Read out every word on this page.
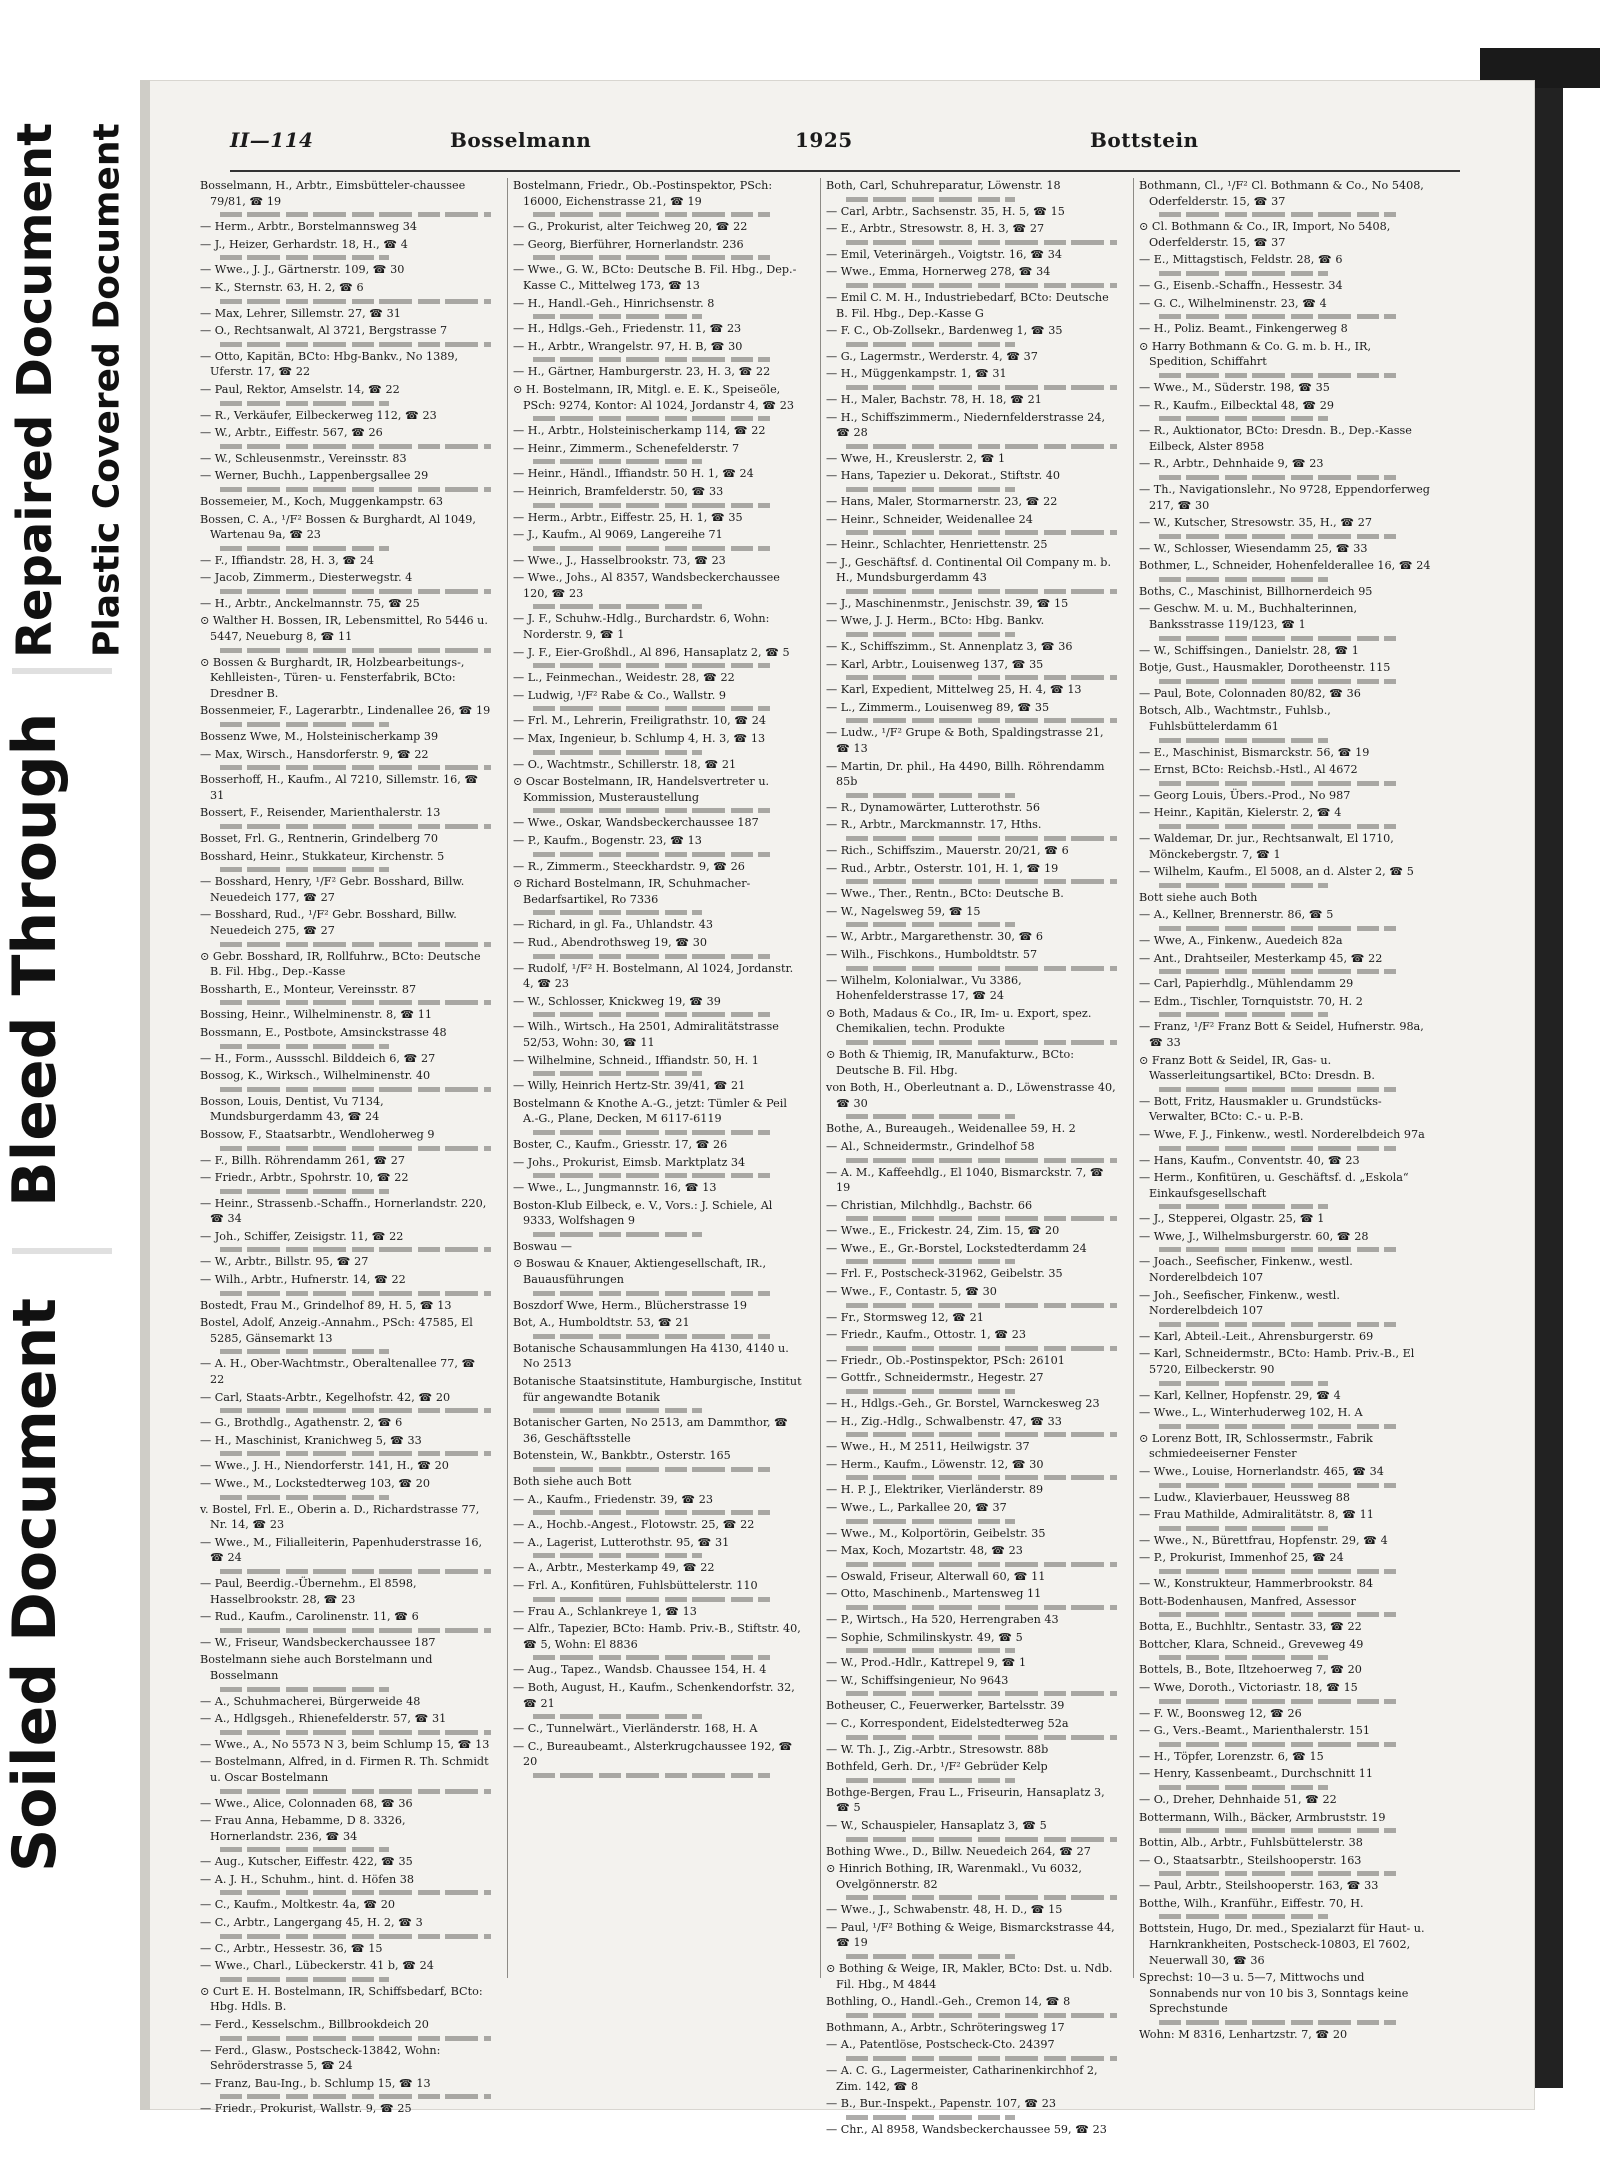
Repaired Document Plastic Covered Document
Bleed Through
Soiled Document
II—114	Bosselmann	1925	Bottstein
Bosselmann, H., Arbtr., Eimsbütteler-chaussee 79/81, ☎ 19
— Herm., Arbtr., Borstelmannsweg 34
— J., Heizer, Gerhardstr. 18, H., ☎ 4
— Wwe., J. J., Gärtnerstr. 109, ☎ 30
— K., Sternstr. 63, H. 2, ☎ 6
— Max, Lehrer, Sillemstr. 27, ☎ 31
— O., Rechtsanwalt, Al 3721, Bergstrasse 7
— Otto, Kapitän, BCto: Hbg-Bankv., No 1389, Uferstr. 17, ☎ 22
— Paul, Rektor, Amselstr. 14, ☎ 22
— R., Verkäufer, Eilbeckerweg 112, ☎ 23
— W., Arbtr., Eiffestr. 567, ☎ 26
— W., Schleusenmstr., Vereinsstr. 83
— Werner, Buchh., Lappenbergsallee 29
Bossemeier, M., Koch, Muggenkampstr. 63
Bossen, C. A., ¹/F² Bossen & Burghardt, Al 1049, Wartenau 9a, ☎ 23
— F., Iffiandstr. 28, H. 3, ☎ 24
— Jacob, Zimmerm., Diesterwegstr. 4
— H., Arbtr., Anckelmannstr. 75, ☎ 25
⊙ Walther H. Bossen, IR, Lebensmittel, Ro 5446 u. 5447, Neueburg 8, ☎ 11
⊙ Bossen & Burghardt, IR, Holzbearbeitungs-, Kehlleisten-, Türen- u. Fensterfabrik, BCto: Dresdner B.
Bossenmeier, F., Lagerarbtr., Lindenallee 26, ☎ 19
Bossenz Wwe, M., Holsteinischerkamp 39
— Max, Wirsch., Hansdorferstr. 9, ☎ 22
Bosserhoff, H., Kaufm., Al 7210, Sillemstr. 16, ☎ 31
Bossert, F., Reisender, Marienthalerstr. 13
Bosset, Frl. G., Rentnerin, Grindelberg 70
Bosshard, Heinr., Stukkateur, Kirchenstr. 5
— Bosshard, Henry, ¹/F² Gebr. Bosshard, Billw. Neuedeich 177, ☎ 27
— Bosshard, Rud., ¹/F² Gebr. Bosshard, Billw. Neuedeich 275, ☎ 27
⊙ Gebr. Bosshard, IR, Rollfuhrw., BCto: Deutsche B. Fil. Hbg., Dep.-Kasse
Bossharth, E., Monteur, Vereinsstr. 87
Bossing, Heinr., Wilhelminenstr. 8, ☎ 11
Bossmann, E., Postbote, Amsinckstrasse 48
— H., Form., Aussschl. Bilddeich 6, ☎ 27
Bossog, K., Wirksch., Wilhelminenstr. 40
Bosson, Louis, Dentist, Vu 7134, Mundsburgerdamm 43, ☎ 24
Bossow, F., Staatsarbtr., Wendloherweg 9
— F., Billh. Röhrendamm 261, ☎ 27
— Friedr., Arbtr., Spohrstr. 10, ☎ 22
— Heinr., Strassenb.-Schaffn., Hornerlandstr. 220, ☎ 34
— Joh., Schiffer, Zeisigstr. 11, ☎ 22
— W., Arbtr., Billstr. 95, ☎ 27
— Wilh., Arbtr., Hufnerstr. 14, ☎ 22
Bostedt, Frau M., Grindelhof 89, H. 5, ☎ 13
Bostel, Adolf, Anzeig.-Annahm., PSch: 47585, El 5285, Gänsemarkt 13
— A. H., Ober-Wachtmstr., Oberaltenallee 77, ☎ 22
— Carl, Staats-Arbtr., Kegelhofstr. 42, ☎ 20
— G., Brothdlg., Agathenstr. 2, ☎ 6
— H., Maschinist, Kranichweg 5, ☎ 33
— Wwe., J. H., Niendorferstr. 141, H., ☎ 20
— Wwe., M., Lockstedterweg 103, ☎ 20
v. Bostel, Frl. E., Oberin a. D., Richardstrasse 77, Nr. 14, ☎ 23
— Wwe., M., Filialleiterin, Papenhuderstrasse 16, ☎ 24
— Paul, Beerdig.-Übernehm., El 8598, Hasselbrookstr. 28, ☎ 23
— Rud., Kaufm., Carolinenstr. 11, ☎ 6
— W., Friseur, Wandsbeckerchaussee 187
Bostelmann siehe auch Borstelmann und Bosselmann
— A., Schuhmacherei, Bürgerweide 48
— A., Hdlgsgeh., Rhienefelderstr. 57, ☎ 31
— Wwe., A., No 5573 N 3, beim Schlump 15, ☎ 13
— Bostelmann, Alfred, in d. Firmen R. Th. Schmidt u. Oscar Bostelmann
— Wwe., Alice, Colonnaden 68, ☎ 36
— Frau Anna, Hebamme, D 8. 3326, Hornerlandstr. 236, ☎ 34
— Aug., Kutscher, Eiffestr. 422, ☎ 35
— A. J. H., Schuhm., hint. d. Höfen 38
— C., Kaufm., Moltkestr. 4a, ☎ 20
— C., Arbtr., Langergang 45, H. 2, ☎ 3
— C., Arbtr., Hessestr. 36, ☎ 15
— Wwe., Charl., Lübeckerstr. 41 b, ☎ 24
⊙ Curt E. H. Bostelmann, IR, Schiffsbedarf, BCto: Hbg. Hdls. B.
— Ferd., Kesselschm., Billbrookdeich 20
— Ferd., Glasw., Postscheck-13842, Wohn: Sehröderstrasse 5, ☎ 24
— Franz, Bau-Ing., b. Schlump 15, ☎ 13
— Friedr., Prokurist, Wallstr. 9, ☎ 25
Bostelmann, Friedr., Ob.-Postinspektor, PSch: 16000, Eichenstrasse 21, ☎ 19
— G., Prokurist, alter Teichweg 20, ☎ 22
— Georg, Bierführer, Hornerlandstr. 236
— Wwe., G. W., BCto: Deutsche B. Fil. Hbg., Dep.-Kasse C., Mittelweg 173, ☎ 13
— H., Handl.-Geh., Hinrichsenstr. 8
— H., Hdlgs.-Geh., Friedenstr. 11, ☎ 23
— H., Arbtr., Wrangelstr. 97, H. B, ☎ 30
— H., Gärtner, Hamburgerstr. 23, H. 3, ☎ 22
⊙ H. Bostelmann, IR, Mitgl. e. E. K., Speiseöle, PSch: 9274, Kontor: Al 1024, Jordanstr 4, ☎ 23
— H., Arbtr., Holsteinischerkamp 114, ☎ 22
— Heinr., Zimmerm., Schenefelderstr. 7
— Heinr., Händl., Iffiandstr. 50 H. 1, ☎ 24
— Heinrich, Bramfelderstr. 50, ☎ 33
— Herm., Arbtr., Eiffestr. 25, H. 1, ☎ 35
— J., Kaufm., Al 9069, Langereihe 71
— Wwe., J., Hasselbrookstr. 73, ☎ 23
— Wwe., Johs., Al 8357, Wandsbeckerchaussee 120, ☎ 23
— J. F., Schuhw.-Hdlg., Burchardstr. 6, Wohn: Norderstr. 9, ☎ 1
— J. F., Eier-Großhdl., Al 896, Hansaplatz 2, ☎ 5
— L., Feinmechan., Weidestr. 28, ☎ 22
— Ludwig, ¹/F² Rabe & Co., Wallstr. 9
— Frl. M., Lehrerin, Freiligrathstr. 10, ☎ 24
— Max, Ingenieur, b. Schlump 4, H. 3, ☎ 13
— O., Wachtmstr., Schillerstr. 18, ☎ 21
⊙ Oscar Bostelmann, IR, Handelsvertreter u. Kommission, Musteraustellung
— Wwe., Oskar, Wandsbeckerchaussee 187
— P., Kaufm., Bogenstr. 23, ☎ 13
— R., Zimmerm., Steeckhardstr. 9, ☎ 26
⊙ Richard Bostelmann, IR, Schuhmacher-Bedarfsartikel, Ro 7336
— Richard, in gl. Fa., Uhlandstr. 43
— Rud., Abendrothsweg 19, ☎ 30
— Rudolf, ¹/F² H. Bostelmann, Al 1024, Jordanstr. 4, ☎ 23
— W., Schlosser, Knickweg 19, ☎ 39
— Wilh., Wirtsch., Ha 2501, Admiralitätstrasse 52/53, Wohn: 30, ☎ 11
— Wilhelmine, Schneid., Iffiandstr. 50, H. 1
— Willy, Heinrich Hertz-Str. 39/41, ☎ 21
Bostelmann & Knothe A.-G., jetzt: Tümler & Peil A.-G., Plane, Decken, M 6117-6119
Boster, C., Kaufm., Griesstr. 17, ☎ 26
— Johs., Prokurist, Eimsb. Marktplatz 34
— Wwe., L., Jungmannstr. 16, ☎ 13
Boston-Klub Eilbeck, e. V., Vors.: J. Schiele, Al 9333, Wolfshagen 9
Boswau —
⊙ Boswau & Knauer, Aktiengesellschaft, IR., Bauausführungen
Boszdorf Wwe, Herm., Blücherstrasse 19
Bot, A., Humboldtstr. 53, ☎ 21
Botanische Schausammlungen Ha 4130, 4140 u. No 2513
Botanische Staatsinstitute, Hamburgische, Institut für angewandte Botanik
Botanischer Garten, No 2513, am Dammthor, ☎ 36, Geschäftsstelle
Botenstein, W., Bankbtr., Osterstr. 165
Both siehe auch Bott
— A., Kaufm., Friedenstr. 39, ☎ 23
— A., Hochb.-Angest., Flotowstr. 25, ☎ 22
— A., Lagerist, Lutterothstr. 95, ☎ 31
— A., Arbtr., Mesterkamp 49, ☎ 22
— Frl. A., Konfitüren, Fuhlsbüttelerstr. 110
— Frau A., Schlankreye 1, ☎ 13
— Alfr., Tapezier, BCto: Hamb. Priv.-B., Stiftstr. 40, ☎ 5, Wohn: El 8836
— Aug., Tapez., Wandsb. Chaussee 154, H. 4
— Both, August, H., Kaufm., Schenkendorfstr. 32, ☎ 21
— C., Tunnelwärt., Vierländerstr. 168, H. A
— C., Bureaubeamt., Alsterkrugchaussee 192, ☎ 20
Both, Carl, Schuhreparatur, Löwenstr. 18
— Carl, Arbtr., Sachsenstr. 35, H. 5, ☎ 15
— E., Arbtr., Stresowstr. 8, H. 3, ☎ 27
— Emil, Veterinärgeh., Voigtstr. 16, ☎ 34
— Wwe., Emma, Hornerweg 278, ☎ 34
— Emil C. M. H., Industriebedarf, BCto: Deutsche B. Fil. Hbg., Dep.-Kasse G
— F. C., Ob-Zollsekr., Bardenweg 1, ☎ 35
— G., Lagermstr., Werderstr. 4, ☎ 37
— H., Müggenkampstr. 1, ☎ 31
— H., Maler, Bachstr. 78, H. 18, ☎ 21
— H., Schiffszimmerm., Niedernfelderstrasse 24, ☎ 28
— Wwe, H., Kreuslerstr. 2, ☎ 1
— Hans, Tapezier u. Dekorat., Stiftstr. 40
— Hans, Maler, Stormarnerstr. 23, ☎ 22
— Heinr., Schneider, Weidenallee 24
— Heinr., Schlachter, Henriettenstr. 25
— J., Geschäftsf. d. Continental Oil Company m. b. H., Mundsburgerdamm 43
— J., Maschinenmstr., Jenischstr. 39, ☎ 15
— Wwe, J. J. Herm., BCto: Hbg. Bankv.
— K., Schiffszimm., St. Annenplatz 3, ☎ 36
— Karl, Arbtr., Louisenweg 137, ☎ 35
— Karl, Expedient, Mittelweg 25, H. 4, ☎ 13
— L., Zimmerm., Louisenweg 89, ☎ 35
— Ludw., ¹/F² Grupe & Both, Spaldingstrasse 21, ☎ 13
— Martin, Dr. phil., Ha 4490, Billh. Röhrendamm 85b
— R., Dynamowärter, Lutterothstr. 56
— R., Arbtr., Marckmannstr. 17, Hths.
— Rich., Schiffszim., Mauerstr. 20/21, ☎ 6
— Rud., Arbtr., Osterstr. 101, H. 1, ☎ 19
— Wwe., Ther., Rentn., BCto: Deutsche B.
— W., Nagelsweg 59, ☎ 15
— W., Arbtr., Margarethenstr. 30, ☎ 6
— Wilh., Fischkons., Humboldtstr. 57
— Wilhelm, Kolonialwar., Vu 3386, Hohenfelderstrasse 17, ☎ 24
⊙ Both, Madaus & Co., IR, Im- u. Export, spez. Chemikalien, techn. Produkte
⊙ Both & Thiemig, IR, Manufakturw., BCto: Deutsche B. Fil. Hbg.
von Both, H., Oberleutnant a. D., Löwenstrasse 40, ☎ 30
Bothe, A., Bureaugeh., Weidenallee 59, H. 2
— Al., Schneidermstr., Grindelhof 58
— A. M., Kaffeehdlg., El 1040, Bismarckstr. 7, ☎ 19
— Christian, Milchhdlg., Bachstr. 66
— Wwe., E., Frickestr. 24, Zim. 15, ☎ 20
— Wwe., E., Gr.-Borstel, Lockstedterdamm 24
— Frl. F., Postscheck-31962, Geibelstr. 35
— Wwe., F., Contastr. 5, ☎ 30
— Fr., Stormsweg 12, ☎ 21
— Friedr., Kaufm., Ottostr. 1, ☎ 23
— Friedr., Ob.-Postinspektor, PSch: 26101
— Gottfr., Schneidermstr., Hegestr. 27
— H., Hdlgs.-Geh., Gr. Borstel, Warnckesweg 23
— H., Zig.-Hdlg., Schwalbenstr. 47, ☎ 33
— Wwe., H., M 2511, Heilwigstr. 37
— Herm., Kaufm., Löwenstr. 12, ☎ 30
— H. P. J., Elektriker, Vierländerstr. 89
— Wwe., L., Parkallee 20, ☎ 37
— Wwe., M., Kolportörin, Geibelstr. 35
— Max, Koch, Mozartstr. 48, ☎ 23
— Oswald, Friseur, Alterwall 60, ☎ 11
— Otto, Maschinenb., Martensweg 11
— P., Wirtsch., Ha 520, Herrengraben 43
— Sophie, Schmilinskystr. 49, ☎ 5
— W., Prod.-Hdlr., Kattrepel 9, ☎ 1
— W., Schiffsingenieur, No 9643
Botheuser, C., Feuerwerker, Bartelsstr. 39
— C., Korrespondent, Eidelstedterweg 52a
— W. Th. J., Zig.-Arbtr., Stresowstr. 88b
Bothfeld, Gerh. Dr., ¹/F² Gebrüder Kelp
Bothge-Bergen, Frau L., Friseurin, Hansaplatz 3, ☎ 5
— W., Schauspieler, Hansaplatz 3, ☎ 5
Bothing Wwe., D., Billw. Neuedeich 264, ☎ 27
⊙ Hinrich Bothing, IR, Warenmakl., Vu 6032, Ovelgönnerstr. 82
— Wwe., J., Schwabenstr. 48, H. D., ☎ 15
— Paul, ¹/F² Bothing & Weige, Bismarckstrasse 44, ☎ 19
⊙ Bothing & Weige, IR, Makler, BCto: Dst. u. Ndb. Fil. Hbg., M 4844
Bothling, O., Handl.-Geh., Cremon 14, ☎ 8
Bothmann, A., Arbtr., Schröteringsweg 17
— A., Patentlöse, Postscheck-Cto. 24397
— A. C. G., Lagermeister, Catharinenkirchhof 2, Zim. 142, ☎ 8
— B., Bur.-Inspekt., Papenstr. 107, ☎ 23
— Chr., Al 8958, Wandsbeckerchaussee 59, ☎ 23
Bothmann, Cl., ¹/F² Cl. Bothmann & Co., No 5408, Oderfelderstr. 15, ☎ 37
⊙ Cl. Bothmann & Co., IR, Import, No 5408, Oderfelderstr. 15, ☎ 37
— E., Mittagstisch, Feldstr. 28, ☎ 6
— G., Eisenb.-Schaffn., Hessestr. 34
— G. C., Wilhelminenstr. 23, ☎ 4
— H., Poliz. Beamt., Finkengerweg 8
⊙ Harry Bothmann & Co. G. m. b. H., IR, Spedition, Schiffahrt
— Wwe., M., Süderstr. 198, ☎ 35
— R., Kaufm., Eilbecktal 48, ☎ 29
— R., Auktionator, BCto: Dresdn. B., Dep.-Kasse Eilbeck, Alster 8958
— R., Arbtr., Dehnhaide 9, ☎ 23
— Th., Navigationslehr., No 9728, Eppendorferweg 217, ☎ 30
— W., Kutscher, Stresowstr. 35, H., ☎ 27
— W., Schlosser, Wiesendamm 25, ☎ 33
Bothmer, L., Schneider, Hohenfelderallee 16, ☎ 24
Boths, C., Maschinist, Billhornerdeich 95
— Geschw. M. u. M., Buchhalterinnen, Banksstrasse 119/123, ☎ 1
— W., Schiffsingen., Danielstr. 28, ☎ 1
Botje, Gust., Hausmakler, Dorotheenstr. 115
— Paul, Bote, Colonnaden 80/82, ☎ 36
Botsch, Alb., Wachtmstr., Fuhlsb., Fuhlsbüttelerdamm 61
— E., Maschinist, Bismarckstr. 56, ☎ 19
— Ernst, BCto: Reichsb.-Hstl., Al 4672
— Georg Louis, Übers.-Prod., No 987
— Heinr., Kapitän, Kielerstr. 2, ☎ 4
— Waldemar, Dr. jur., Rechtsanwalt, El 1710, Mönckebergstr. 7, ☎ 1
— Wilhelm, Kaufm., El 5008, an d. Alster 2, ☎ 5
Bott siehe auch Both
— A., Kellner, Brennerstr. 86, ☎ 5
— Wwe, A., Finkenw., Auedeich 82a
— Ant., Drahtseiler, Mesterkamp 45, ☎ 22
— Carl, Papierhdlg., Mühlendamm 29
— Edm., Tischler, Tornquiststr. 70, H. 2
— Franz, ¹/F² Franz Bott & Seidel, Hufnerstr. 98a, ☎ 33
⊙ Franz Bott & Seidel, IR, Gas- u. Wasserleitungsartikel, BCto: Dresdn. B.
— Bott, Fritz, Hausmakler u. Grundstücks-Verwalter, BCto: C.- u. P.-B.
— Wwe, F. J., Finkenw., westl. Norderelbdeich 97a
— Hans, Kaufm., Conventstr. 40, ☎ 23
— Herm., Konfitüren, u. Geschäftsf. d. „Eskola“ Einkaufsgesellschaft
— J., Stepperei, Olgastr. 25, ☎ 1
— Wwe, J., Wilhelmsburgerstr. 60, ☎ 28
— Joach., Seefischer, Finkenw., westl. Norderelbdeich 107
— Joh., Seefischer, Finkenw., westl. Norderelbdeich 107
— Karl, Abteil.-Leit., Ahrensburgerstr. 69
— Karl, Schneidermstr., BCto: Hamb. Priv.-B., El 5720, Eilbeckerstr. 90
— Karl, Kellner, Hopfenstr. 29, ☎ 4
— Wwe., L., Winterhuderweg 102, H. A
⊙ Lorenz Bott, IR, Schlossermstr., Fabrik schmiedeeiserner Fenster
— Wwe., Louise, Hornerlandstr. 465, ☎ 34
— Ludw., Klavierbauer, Heussweg 88
— Frau Mathilde, Admiralitätstr. 8, ☎ 11
— Wwe., N., Bürettfrau, Hopfenstr. 29, ☎ 4
— P., Prokurist, Immenhof 25, ☎ 24
— W., Konstrukteur, Hammerbrookstr. 84
Bott-Bodenhausen, Manfred, Assessor
Botta, E., Buchhltr., Sentastr. 33, ☎ 22
Bottcher, Klara, Schneid., Greveweg 49
Bottels, B., Bote, Iltzehoerweg 7, ☎ 20
— Wwe, Doroth., Victoriastr. 18, ☎ 15
— F. W., Boonsweg 12, ☎ 26
— G., Vers.-Beamt., Marienthalerstr. 151
— H., Töpfer, Lorenzstr. 6, ☎ 15
— Henry, Kassenbeamt., Durchschnitt 11
— O., Dreher, Dehnhaide 51, ☎ 22
Bottermann, Wilh., Bäcker, Armbruststr. 19
Bottin, Alb., Arbtr., Fuhlsbüttelerstr. 38
— O., Staatsarbtr., Steilshooperstr. 163
— Paul, Arbtr., Steilshooperstr. 163, ☎ 33
Botthe, Wilh., Kranführ., Eiffestr. 70, H.
Bottstein, Hugo, Dr. med., Spezialarzt für Haut- u. Harnkrankheiten, Postscheck-10803, El 7602, Neuerwall 30, ☎ 36
Sprechst: 10—3 u. 5—7, Mittwochs und Sonnabends nur von 10 bis 3, Sonntags keine Sprechstunde
Wohn: M 8316, Lenhartzstr. 7, ☎ 20
